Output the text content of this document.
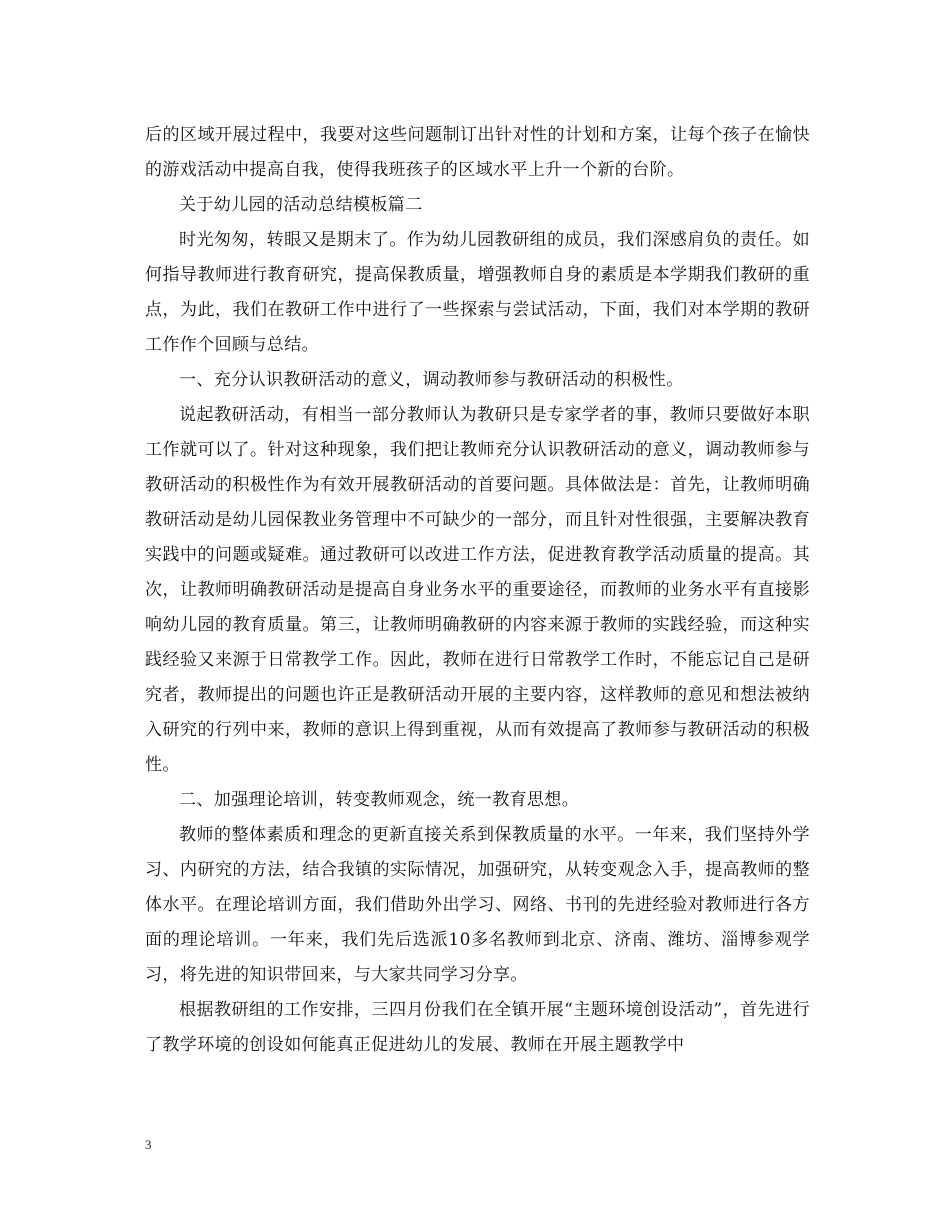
后的区域开展过程中，我要对这些问题制订出针对性的计划和方案，让每个孩子在愉快的游戏活动中提高自我，使得我班孩子的区域水平上升一个新的台阶。

关于幼儿园的活动总结模板篇二

时光匆匆，转眼又是期末了。作为幼儿园教研组的成员，我们深感肩负的责任。如何指导教师进行教育研究，提高保教质量，增强教师自身的素质是本学期我们教研的重点，为此，我们在教研工作中进行了一些探索与尝试活动，下面，我们对本学期的教研工作作个回顾与总结。

一、充分认识教研活动的意义，调动教师参与教研活动的积极性。

说起教研活动，有相当一部分教师认为教研只是专家学者的事，教师只要做好本职工作就可以了。针对这种现象，我们把让教师充分认识教研活动的意义，调动教师参与教研活动的积极性作为有效开展教研活动的首要问题。具体做法是：首先，让教师明确教研活动是幼儿园保教业务管理中不可缺少的一部分，而且针对性很强，主要解决教育实践中的问题或疑难。通过教研可以改进工作方法，促进教育教学活动质量的提高。其次，让教师明确教研活动是提高自身业务水平的重要途径，而教师的业务水平有直接影响幼儿园的教育质量。第三，让教师明确教研的内容来源于教师的实践经验，而这种实践经验又来源于日常教学工作。因此，教师在进行日常教学工作时，不能忘记自己是研究者，教师提出的问题也许正是教研活动开展的主要内容，这样教师的意见和想法被纳入研究的行列中来，教师的意识上得到重视，从而有效提高了教师参与教研活动的积极性。

二、加强理论培训，转变教师观念，统一教育思想。

教师的整体素质和理念的更新直接关系到保教质量的水平。一年来，我们坚持外学习、内研究的方法，结合我镇的实际情况，加强研究，从转变观念入手，提高教师的整体水平。在理论培训方面，我们借助外出学习、网络、书刊的先进经验对教师进行各方面的理论培训。一年来，我们先后选派10多名教师到北京、济南、潍坊、淄博参观学习，将先进的知识带回来，与大家共同学习分享。

根据教研组的工作安排，三四月份我们在全镇开展“主题环境创设活动”，首先进行了教学环境的创设如何能真正促进幼儿的发展、教师在开展主题教学中

3
